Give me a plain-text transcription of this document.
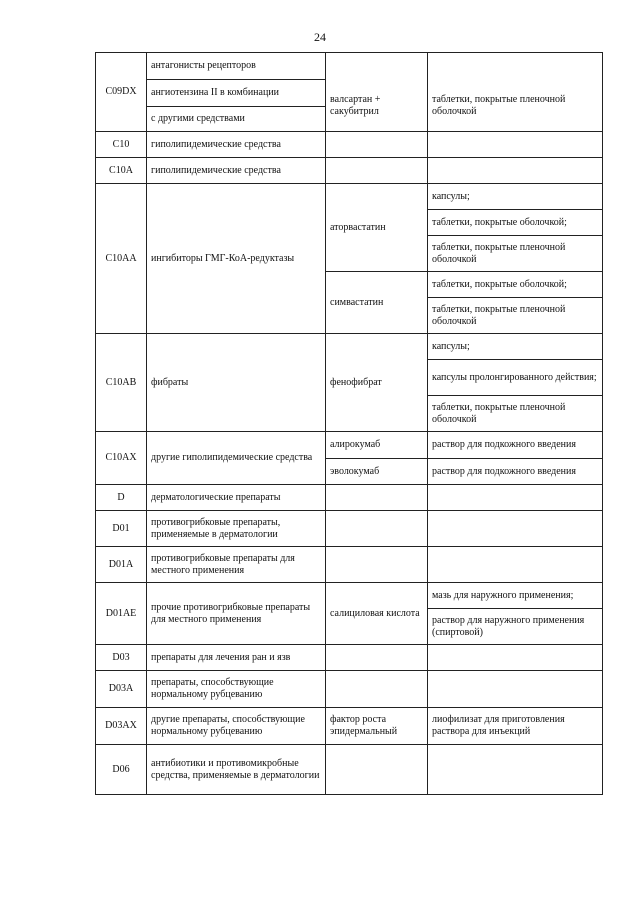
24
C09DX	антагонисты рецепторов	валсартан + сакубитрил	таблетки, покрытые пленочной оболочкой
	ангиотензина II в комбинации		
	с другими средствами		
C10	гиполипидемические средства		
C10A	гиполипидемические средства		
C10AA	ингибиторы ГМГ-КоА-редуктазы	аторвастатин	капсулы;
			таблетки, покрытые оболочкой;
			таблетки, покрытые пленочной оболочкой
		симвастатин	таблетки, покрытые оболочкой;
			таблетки, покрытые пленочной оболочкой
C10AB	фибраты	фенофибрат	капсулы;
			капсулы пролонгированного действия;
			таблетки, покрытые пленочной оболочкой
C10AX	другие гиполипидемические средства	алирокумаб	раствор для подкожного введения
		эволокумаб	раствор для подкожного введения
D	дерматологические препараты		
D01	противогрибковые препараты, применяемые в дерматологии		
D01A	противогрибковые препараты для местного применения		
D01AE	прочие противогрибковые препараты для местного применения	салициловая кислота	мазь для наружного применения;
			раствор для наружного применения (спиртовой)
D03	препараты для лечения ран и язв		
D03A	препараты, способствующие нормальному рубцеванию		
D03AX	другие препараты, способствующие нормальному рубцеванию	фактор роста эпидермальный	лиофилизат для приготовления раствора для инъекций
D06	антибиотики и противомикробные средства, применяемые в дерматологии		
